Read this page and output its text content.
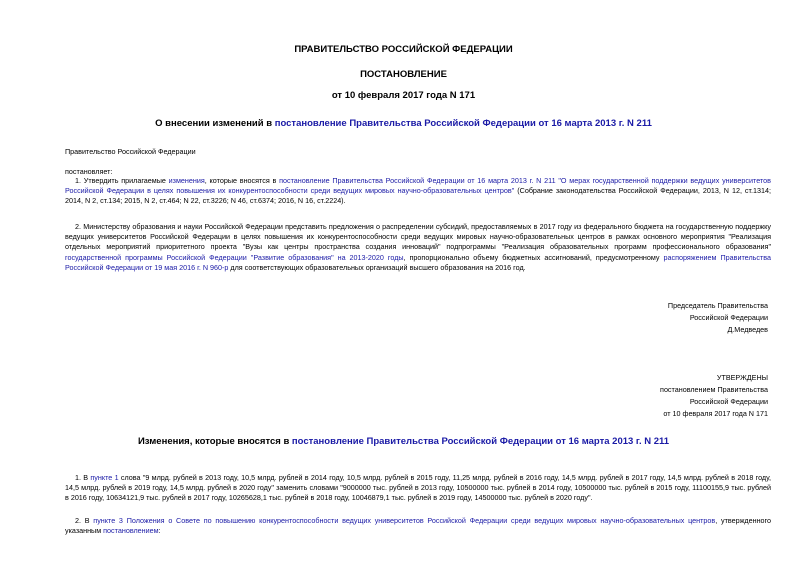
ПРАВИТЕЛЬСТВО РОССИЙСКОЙ ФЕДЕРАЦИИ
ПОСТАНОВЛЕНИЕ
от 10 февраля 2017 года N 171
О внесении изменений в постановление Правительства Российской Федерации от 16 марта 2013 г. N 211
Правительство Российской Федерации
постановляет:
1. Утвердить прилагаемые изменения, которые вносятся в постановление Правительства Российской Федерации от 16 марта 2013 г. N 211 "О мерах государственной поддержки ведущих университетов Российской Федерации в целях повышения их конкурентоспособности среди ведущих мировых научно-образовательных центров" (Собрание законодательства Российской Федерации, 2013, N 12, ст.1314; 2014, N 2, ст.134; 2015, N 2, ст.464; N 22, ст.3226; N 46, ст.6374; 2016, N 16, ст.2224).
2. Министерству образования и науки Российской Федерации представить предложения о распределении субсидий, предоставляемых в 2017 году из федерального бюджета на государственную поддержку ведущих университетов Российской Федерации в целях повышения их конкурентоспособности среди ведущих мировых научно-образовательных центров в рамках основного мероприятия "Реализация отдельных мероприятий приоритетного проекта "Вузы как центры пространства создания инноваций" подпрограммы "Реализация образовательных программ профессионального образования" государственной программы Российской Федерации "Развитие образования" на 2013-2020 годы, пропорционально объему бюджетных ассигнований, предусмотренному распоряжением Правительства Российской Федерации от 19 мая 2016 г. N 960-р для соответствующих образовательных организаций высшего образования на 2016 год.
Председатель Правительства
Российской Федерации
Д.Медведев
УТВЕРЖДЕНЫ
постановлением Правительства
Российской Федерации
от 10 февраля 2017 года N 171
Изменения, которые вносятся в постановление Правительства Российской Федерации от 16 марта 2013 г. N 211
1. В пункте 1 слова "9 млрд. рублей в 2013 году, 10,5 млрд. рублей в 2014 году, 10,5 млрд. рублей в 2015 году, 11,25 млрд. рублей в 2016 году, 14,5 млрд. рублей в 2017 году, 14,5 млрд. рублей в 2018 году, 14,5 млрд. рублей в 2019 году, 14,5 млрд. рублей в 2020 году" заменить словами "9000000 тыс. рублей в 2013 году, 10500000 тыс. рублей в 2014 году, 10500000 тыс. рублей в 2015 году, 11100155,9 тыс. рублей в 2016 году, 10634121,9 тыс. рублей в 2017 году, 10265628,1 тыс. рублей в 2018 году, 10046879,1 тыс. рублей в 2019 году, 14500000 тыс. рублей в 2020 году".
2. В пункте 3 Положения о Совете по повышению конкурентоспособности ведущих университетов Российской Федерации среди ведущих мировых научно-образовательных центров, утвержденного указанным постановлением:
